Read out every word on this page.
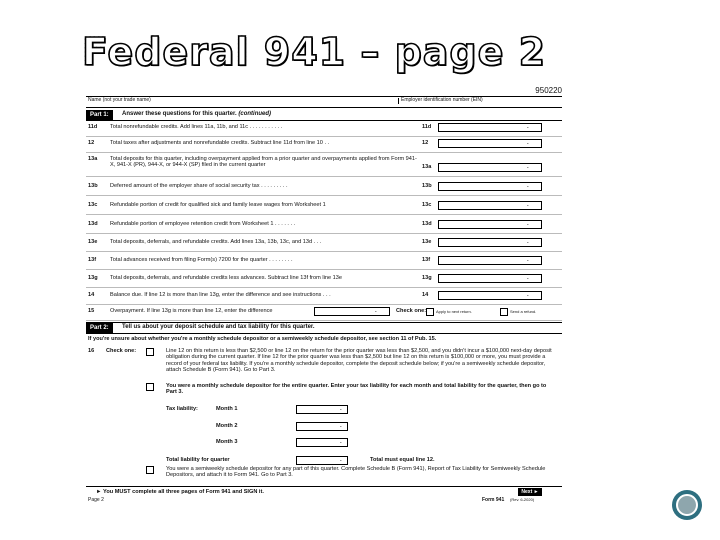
Federal 941 – page 2
950220
Name (not your trade name)	Employer identification number (EIN)
Part 1:	Answer these questions for this quarter. (continued)
11d Total nonrefundable credits. Add lines 11a, 11b, and 11c . . . . . . . . . . .	11d	.
12	Total taxes after adjustments and nonrefundable credits. Subtract line 11d from line 10 . .	12	.
13a Total deposits for this quarter, including overpayment applied from a prior quarter and overpayments applied from Form 941-X, 941-X (PR), 944-X, or 944-X (SP) filed in the current quarter	13a	.
13b Deferred amount of the employer share of social security tax . . . . . . . . .	13b	.
13c Refundable portion of credit for qualified sick and family leave wages from Worksheet 1	13c	.
13d Refundable portion of employee retention credit from Worksheet 1 . . . . . . .	13d	.
13e Total deposits, deferrals, and refundable credits. Add lines 13a, 13b, 13c, and 13d . . .	13e	.
13f Total advances received from filing Form(s) 7200 for the quarter . . . . . . . .	13f	.
13g Total deposits, deferrals, and refundable credits less advances. Subtract line 13f from line 13e	13g	.
14	Balance due. If line 12 is more than line 13g, enter the difference and see instructions . . .	14	.
15	Overpayment. If line 13g is more than line 12, enter the difference	.	Check one: Apply to next return.	Send a refund.
Part 2:	Tell us about your deposit schedule and tax liability for this quarter.
If you're unsure about whether you're a monthly schedule depositor or a semiweekly schedule depositor, see section 11 of Pub. 15.
16 Check one:	Line 12 on this return is less than $2,500 or line 12 on the return for the prior quarter was less than $2,500, and you didn't incur a $100,000 next-day deposit obligation during the current quarter. If line 12 for the prior quarter was less than $2,500 but line 12 on this return is $100,000 or more, you must provide a record of your federal tax liability. If you're a monthly schedule depositor, complete the deposit schedule below; if you're a semiweekly schedule depositor, attach Schedule B (Form 941). Go to Part 3.
You were a monthly schedule depositor for the entire quarter. Enter your tax liability for each month and total liability for the quarter, then go to Part 3.
Tax liability:	Month 1	.
Month 2	.
Month 3	.
Total liability for quarter	.	Total must equal line 12.
You were a semiweekly schedule depositor for any part of this quarter. Complete Schedule B (Form 941), Report of Tax Liability for Semiweekly Schedule Depositors, and attach it to Form 941. Go to Part 3.
► You MUST complete all three pages of Form 941 and SIGN it.	Next ►
Page 2	Form 941 (Rev. 6-2020)
